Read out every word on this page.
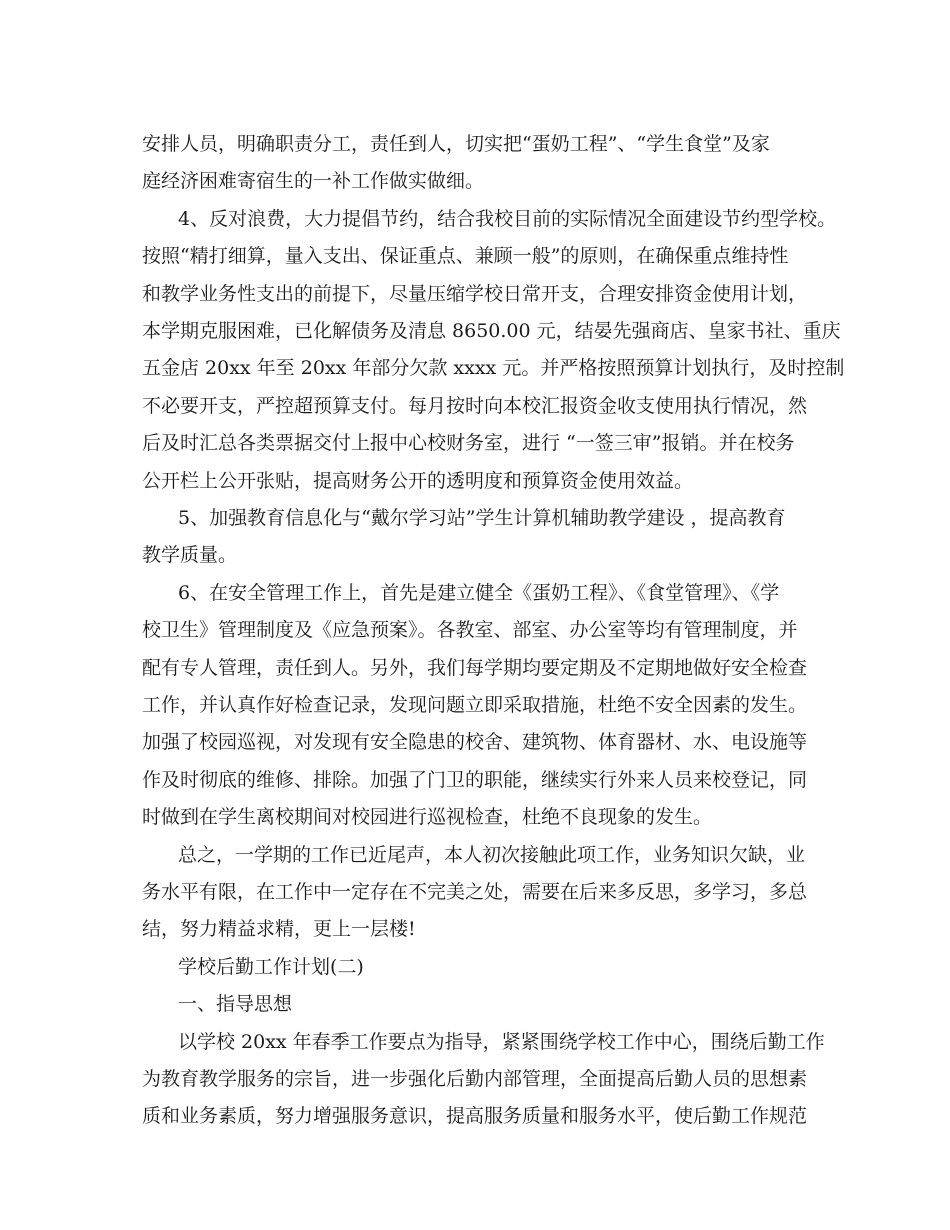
安排人员，明确职责分工，责任到人，切实把“蛋奶工程”、“学生食堂”及家
庭经济困难寄宿生的一补工作做实做细。
4、反对浪费，大力提倡节约，结合我校目前的实际情况全面建设节约型学校。
按照“精打细算，量入支出、保证重点、兼顾一般”的原则，在确保重点维持性
和教学业务性支出的前提下，尽量压缩学校日常开支，合理安排资金使用计划，
本学期克服困难，已化解债务及清息 8650.00 元，结晏先强商店、皇家书社、重庆
五金店 20xx 年至 20xx 年部分欠款 xxxx 元。并严格按照预算计划执行，及时控制
不必要开支，严控超预算支付。每月按时向本校汇报资金收支使用执行情况，然
后及时汇总各类票据交付上报中心校财务室，进行 “一签三审”报销。并在校务
公开栏上公开张贴，提高财务公开的透明度和预算资金使用效益。
5、加强教育信息化与“戴尔学习站”学生计算机辅助教学建设 ，提高教育
教学质量。
6、在安全管理工作上，首先是建立健全《蛋奶工程》、《食堂管理》、《学
校卫生》管理制度及《应急预案》。各教室、部室、办公室等均有管理制度，并
配有专人管理，责任到人。另外，我们每学期均要定期及不定期地做好安全检查
工作，并认真作好检查记录，发现问题立即采取措施，杜绝不安全因素的发生。
加强了校园巡视，对发现有安全隐患的校舍、建筑物、体育器材、水、电设施等
作及时彻底的维修、排除。加强了门卫的职能，继续实行外来人员来校登记，同
时做到在学生离校期间对校园进行巡视检查，杜绝不良现象的发生。
总之，一学期的工作已近尾声，本人初次接触此项工作，业务知识欠缺，业
务水平有限，在工作中一定存在不完美之处，需要在后来多反思，多学习，多总
结，努力精益求精，更上一层楼!
学校后勤工作计划(二)
一、指导思想
以学校 20xx 年春季工作要点为指导，紧紧围绕学校工作中心，围绕后勤工作
为教育教学服务的宗旨，进一步强化后勤内部管理，全面提高后勤人员的思想素
质和业务素质，努力增强服务意识，提高服务质量和服务水平，使后勤工作规范
